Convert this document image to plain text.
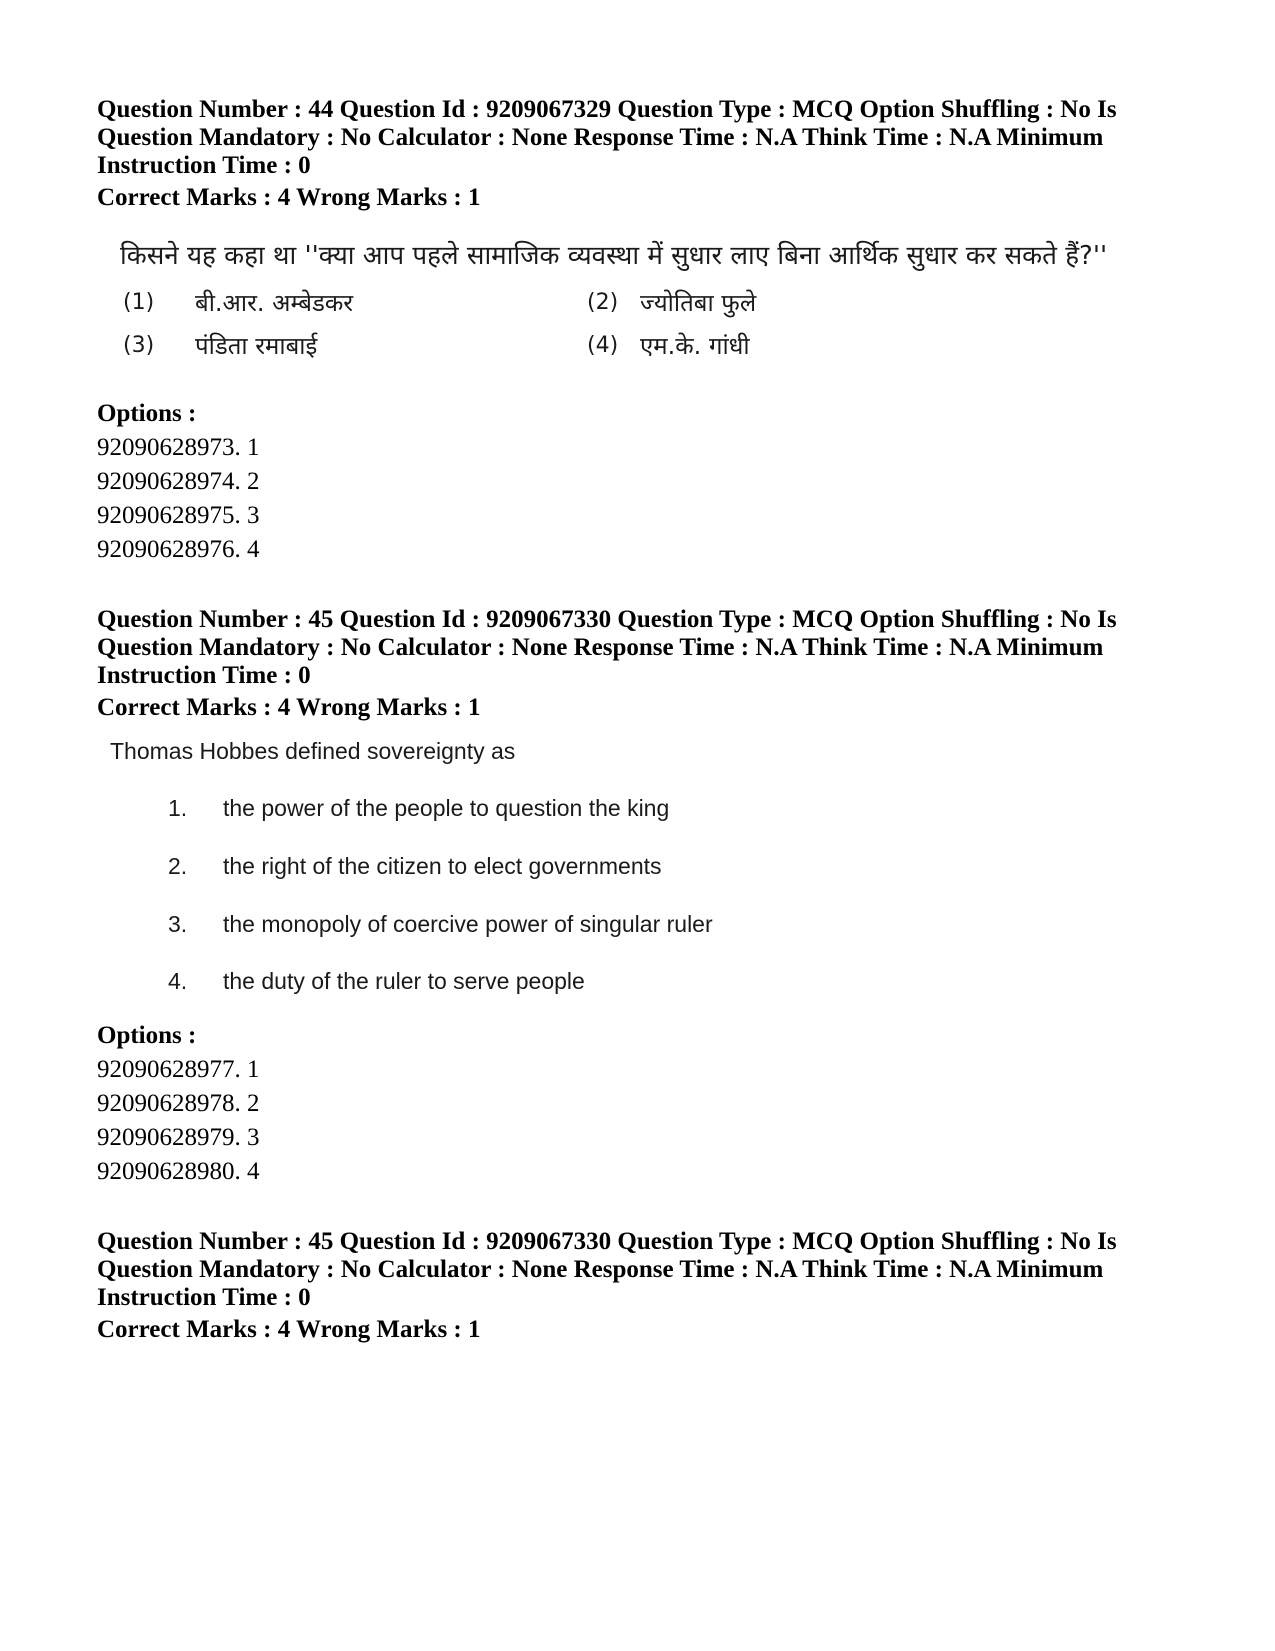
Question Number : 44 Question Id : 9209067329 Question Type : MCQ Option Shuffling : No Is Question Mandatory : No Calculator : None Response Time : N.A Think Time : N.A Minimum Instruction Time : 0

Correct Marks : 4 Wrong Marks : 1

किसने यह कहा था ''क्या आप पहले सामाजिक व्यवस्था में सुधार लाए बिना आर्थिक सुधार कर सकते हैं?''
(1) बी.आर. अम्बेडकर	(2) ज्योतिबा फुले
(3) पंडिता रमाबाई	(4) एम.के. गांधी

Options :

92090628973. 1

92090628974. 2

92090628975. 3

92090628976. 4

Question Number : 45 Question Id : 9209067330 Question Type : MCQ Option Shuffling : No Is Question Mandatory : No Calculator : None Response Time : N.A Think Time : N.A Minimum Instruction Time : 0

Correct Marks : 4 Wrong Marks : 1

Thomas Hobbes defined sovereignty as
1. the power of the people to question the king
2. the right of the citizen to elect governments
3. the monopoly of coercive power of singular ruler
4. the duty of the ruler to serve people

Options :

92090628977. 1

92090628978. 2

92090628979. 3

92090628980. 4

Question Number : 45 Question Id : 9209067330 Question Type : MCQ Option Shuffling : No Is Question Mandatory : No Calculator : None Response Time : N.A Think Time : N.A Minimum Instruction Time : 0

Correct Marks : 4 Wrong Marks : 1
